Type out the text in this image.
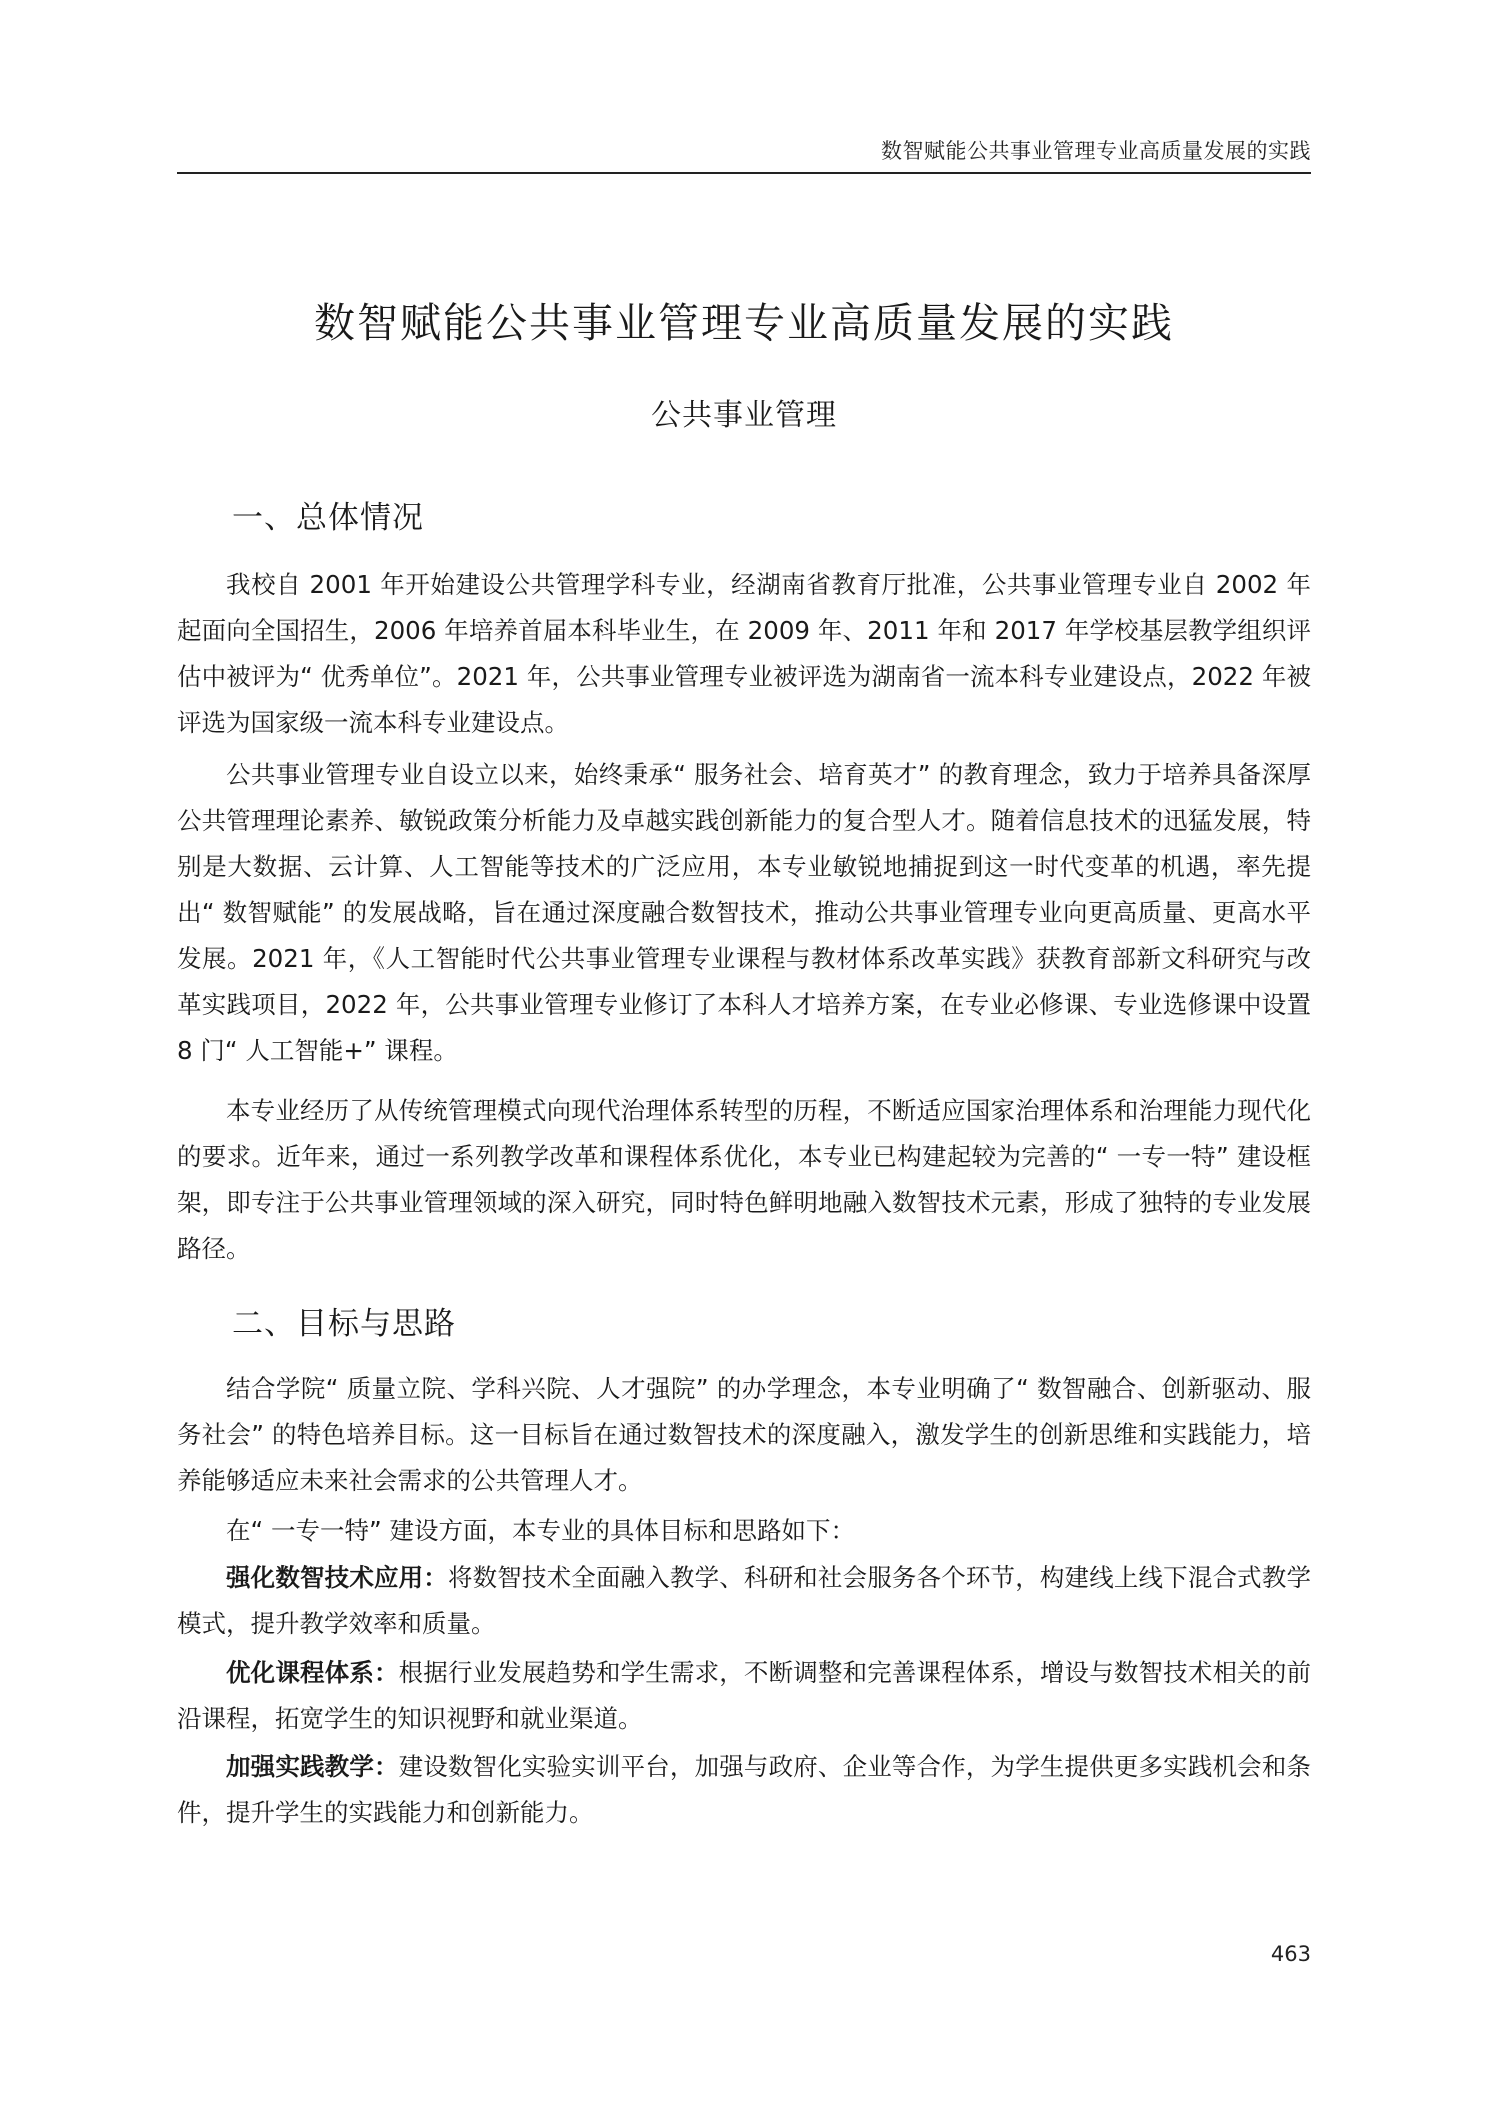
数智赋能公共事业管理专业高质量发展的实践
数智赋能公共事业管理专业高质量发展的实践
公共事业管理
一、总体情况

我校自 2001 年开始建设公共管理学科专业，经湖南省教育厅批准，公共事业管理专业自 2002 年起面向全国招生，2006 年培养首届本科毕业生，在 2009 年、2011 年和 2017 年学校基层教学组织评估中被评为“ 优秀单位”。2021 年，公共事业管理专业被评选为湖南省一流本科专业建设点，2022 年被评选为国家级一流本科专业建设点。

公共事业管理专业自设立以来，始终秉承“ 服务社会、培育英才” 的教育理念，致力于培养具备深厚公共管理理论素养、敏锐政策分析能力及卓越实践创新能力的复合型人才。随着信息技术的迅猛发展，特别是大数据、云计算、人工智能等技术的广泛应用，本专业敏锐地捕捉到这一时代变革的机遇，率先提出“ 数智赋能” 的发展战略，旨在通过深度融合数智技术，推动公共事业管理专业向更高质量、更高水平发展。2021 年，《人工智能时代公共事业管理专业课程与教材体系改革实践》获教育部新文科研究与改革实践项目，2022 年，公共事业管理专业修订了本科人才培养方案，在专业必修课、专业选修课中设置 8 门“ 人工智能+” 课程。

本专业经历了从传统管理模式向现代治理体系转型的历程，不断适应国家治理体系和治理能力现代化的要求。近年来，通过一系列教学改革和课程体系优化，本专业已构建起较为完善的“ 一专一特” 建设框架，即专注于公共事业管理领域的深入研究，同时特色鲜明地融入数智技术元素，形成了独特的专业发展路径。

二、目标与思路

结合学院“ 质量立院、学科兴院、人才强院” 的办学理念，本专业明确了“ 数智融合、创新驱动、服务社会” 的特色培养目标。这一目标旨在通过数智技术的深度融入，激发学生的创新思维和实践能力，培养能够适应未来社会需求的公共管理人才。

在“ 一专一特” 建设方面，本专业的具体目标和思路如下：

强化数智技术应用：将数智技术全面融入教学、科研和社会服务各个环节，构建线上线下混合式教学模式，提升教学效率和质量。

优化课程体系：根据行业发展趋势和学生需求，不断调整和完善课程体系，增设与数智技术相关的前沿课程，拓宽学生的知识视野和就业渠道。

加强实践教学：建设数智化实验实训平台，加强与政府、企业等合作，为学生提供更多实践机会和条件，提升学生的实践能力和创新能力。

463
